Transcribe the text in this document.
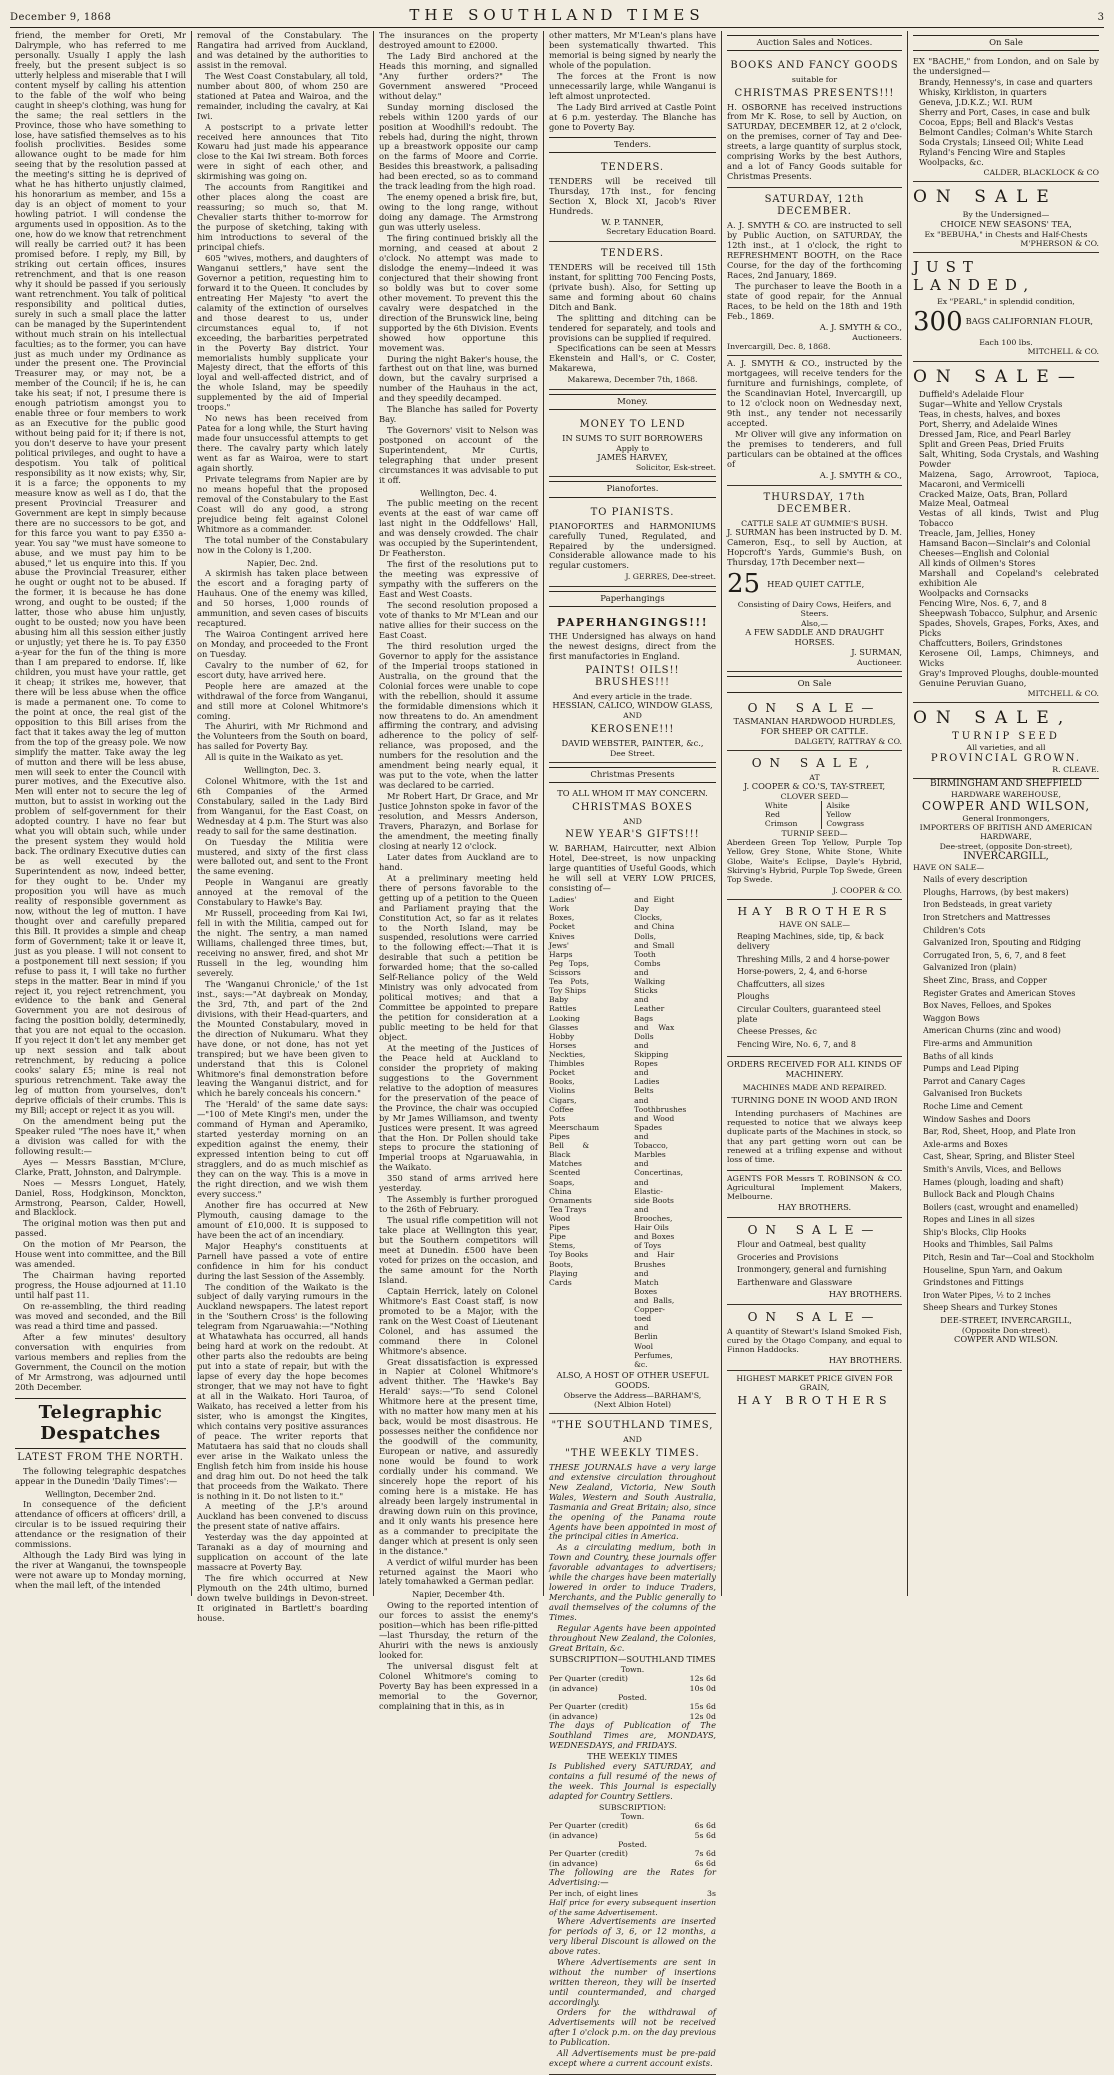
December 9, 1868	THE SOUTHLAND TIMES	3

friend, the member for Oreti, Mr Dalrymple, who has referred to me personally. Usually I apply the lash freely, but the present subject is so utterly helpless and miserable that I will content myself by calling his attention to the fable of the wolf who being caught in sheep's clothing, was hung for the same; the real settlers in the Province, those who have something to lose, have satisfied themselves as to his foolish proclivities. Besides some allowance ought to be made for him seeing that by the resolution passed at the meeting's sitting he is deprived of what he has hitherto unjustly claimed, his honorarium as member, and 15s a day is an object of moment to your howling patriot. I will condense the arguments used in opposition. As to the one, how do we know that retrenchment will really be carried out? it has been promised before. I reply, my Bill, by striking out certain offices, insures retrenchment, and that is one reason why it should be passed if you seriously want retrenchment. You talk of political responsibility and political duties, surely in such a small place the latter can be managed by the Superintendent without much strain on his intellectual faculties; as to the former, you can have just as much under my Ordinance as under the present one. The Provincial Treasurer may, or may not, be a member of the Council; if he is, he can take his seat; if not, I presume there is enough patriotism amongst you to enable three or four members to work as an Executive for the public good without being paid for it; if there is not, you don't deserve to have your present political privileges, and ought to have a despotism. You talk of political responsibility as it now exists; why, Sir, it is a farce; the opponents to my measure know as well as I do, that the present Provincial Treasurer and Government are kept in simply because there are no successors to be got, and for this farce you want to pay £350 a-year. You say "we must have someone to abuse, and we must pay him to be abused," let us enquire into this. If you abuse the Provincial Treasurer, either he ought or ought not to be abused. If the former, it is because he has done wrong, and ought to be ousted; if the latter, those who abuse him unjustly, ought to be ousted; now you have been abusing him all this session either justly or unjustly; yet there he is. To pay £350 a-year for the fun of the thing is more than I am prepared to endorse. If, like children, you must have your rattle, get it cheap; it strikes me, however, that there will be less abuse when the office is made a permanent one. To come to the point at once, the real gist of the opposition to this Bill arises from the fact that it takes away the leg of mutton from the top of the greasy pole. We now simplify the matter. Take away the leg of mutton and there will be less abuse, men will seek to enter the Council with purer motives, and the Executive also. Men will enter not to secure the leg of mutton, but to assist in working out the problem of self-government for their adopted country. I have no fear but what you will obtain such, while under the present system they would hold back. The ordinary Executive duties can be as well executed by the Superintendent as now, indeed better, for they ought to be. Under my proposition you will have as much reality of responsible government as now, without the leg of mutton. I have thought over and carefully prepared this Bill. It provides a simple and cheap form of Government; take it or leave it, just as you please. I will not consent to a postponement till next session; if you refuse to pass it, I will take no further steps in the matter. Bear in mind if you reject it, you reject retrenchment, you evidence to the bank and General Government you are not desirous of facing the position boldly, determinedly, that you are not equal to the occasion. If you reject it don't let any member get up next session and talk about retrenchment, by reducing a police cooks' salary £5; mine is real not spurious retrenchment. Take away the leg of mutton from yourselves, don't deprive officials of their crumbs. This is my Bill; accept or reject it as you will.

On the amendment being put the Speaker ruled "The noes have it," when a division was called for with the following result:—

Ayes — Messrs Basstian, M'Clure, Clarke, Pratt, Johnston, and Dalrymple.

Noes — Messrs Longuet, Hately, Daniel, Ross, Hodgkinson, Monckton, Armstrong, Pearson, Calder, Howell, and Blacklock.

The original motion was then put and passed.

On the motion of Mr Pearson, the House went into committee, and the Bill was amended.

The Chairman having reported progress, the House adjourned at 11.10 until half past 11.

On re-assembling, the third reading was moved and seconded, and the Bill was read a third time and passed.

After a few minutes' desultory conversation with enquiries from various members and replies from the Government, the Council on the motion of Mr Armstrong, was adjourned until 20th December.

Telegraphic Despatches
LATEST FROM THE NORTH.

The following telegraphic despatches appear in the Dunedin 'Daily Times':—

Wellington, December 2nd.

In consequence of the deficient attendance of officers at officers' drill, a circular is to be issued requiring their attendance or the resignation of their commissions.

Although the Lady Bird was lying in the river at Wanganui, the townspeople were not aware up to Monday morning, when the mail left, of the intended

removal of the Constabulary. The Rangatira had arrived from Auckland, and was detained by the authorities to assist in the removal.

The West Coast Constabulary, all told, number about 800, of whom 250 are stationed at Patea and Wairoa, and the remainder, including the cavalry, at Kai Iwi.

A postscript to a private letter received here announces that Tito Kowaru had just made his appearance close to the Kai Iwi stream. Both forces were in sight of each other, and skirmishing was going on.

The accounts from Rangitikei and other places along the coast are reassuring; so much so, that M. Chevalier starts thither to-morrow for the purpose of sketching, taking with him introductions to several of the principal chiefs.

605 "wives, mothers, and daughters of Wanganui settlers," have sent the Governor a petition, requesting him to forward it to the Queen. It concludes by entreating Her Majesty "to avert the calamity of the extinction of ourselves and those dearest to us, under circumstances equal to, if not exceeding, the barbarities perpetrated in the Poverty Bay district. Your memorialists humbly supplicate your Majesty direct, that the efforts of this loyal and well-affected district, and of the whole Island, may be speedily supplemented by the aid of Imperial troops."

No news has been received from Patea for a long while, the Sturt having made four unsuccessful attempts to get there. The cavalry party which lately went as far as Wairoa, were to start again shortly.

Private telegrams from Napier are by no means hopeful that the proposed removal of the Constabulary to the East Coast will do any good, a strong prejudice being felt against Colonel Whitmore as a commander.

The total number of the Constabulary now in the Colony is 1,200.

Napier, Dec. 2nd.

A skirmish has taken place between the escort and a foraging party of Hauhaus. One of the enemy was killed, and 50 horses, 1,000 rounds of ammunition, and seven cases of biscuits recaptured.

The Wairoa Contingent arrived here on Monday, and proceeded to the Front on Tuesday.

Cavalry to the number of 62, for escort duty, have arrived here.

People here are amazed at the withdrawal of the force from Wanganui, and still more at Colonel Whitmore's coming.

The Ahuriri, with Mr Richmond and the Volunteers from the South on board, has sailed for Poverty Bay.

All is quite in the Waikato as yet.

Wellington, Dec. 3.

Colonel Whitmore, with the 1st and 6th Companies of the Armed Constabulary, sailed in the Lady Bird from Wanganui, for the East Coast, on Wednesday at 4 p.m. The Sturt was also ready to sail for the same destination.

On Tuesday the Militia were mustered, and sixty of the first class were balloted out, and sent to the Front the same evening.

People in Wanganui are greatly annoyed at the removal of the Constabulary to Hawke's Bay.

Mr Russell, proceeding from Kai Iwi, fell in with the Militia, camped out for the night. The sentry, a man named Williams, challenged three times, but, receiving no answer, fired, and shot Mr Russell in the leg, wounding him severely.

The 'Wanganui Chronicle,' of the 1st inst., says:—"At daybreak on Monday, the 3rd, 7th, and part of the 2nd divisions, with their Head-quarters, and the Mounted Constabulary, moved in the direction of Nukumaru. What they have done, or not done, has not yet transpired; but we have been given to understand that this is Colonel Whitmore's final demonstration before leaving the Wanganui district, and for which he barely conceals his concern."

The 'Herald' of the same date says:—"100 of Mete Kingi's men, under the command of Hyman and Aperamiko, started yesterday morning on an expedition against the enemy, their expressed intention being to cut off stragglers, and do as much mischief as they can on the way. This is a move in the right direction, and we wish them every success."

Another fire has occurred at New Plymouth, causing damage to the amount of £10,000. It is supposed to have been the act of an incendiary.

Major Heaphy's constituents at Parnell have passed a vote of entire confidence in him for his conduct during the last Session of the Assembly.

The condition of the Waikato is the subject of daily varying rumours in the Auckland newspapers. The latest report in the 'Southern Cross' is the following telegram from Ngaruawahia:—"Nothing at Whatawhata has occurred, all hands being hard at work on the redoubt. At other parts also the redoubts are being put into a state of repair, but with the lapse of every day the hope becomes stronger, that we may not have to fight at all in the Waikato. Hori Tauroa, of Waikato, has received a letter from his sister, who is amongst the Kingites, which contains very positive assurances of peace. The writer reports that Matutaera has said that no clouds shall ever arise in the Waikato unless the English fetch him from inside his house and drag him out. Do not heed the talk that proceeds from the Waikato. There is nothing in it. Do not listen to it."

A meeting of the J.P.'s around Auckland has been convened to discuss the present state of native affairs.

Yesterday was the day appointed at Taranaki as a day of mourning and supplication on account of the late massacre at Poverty Bay.

The fire which occurred at New Plymouth on the 24th ultimo, burned down twelve buildings in Devon-street. It originated in Bartlett's boarding house.

The insurances on the property destroyed amount to £2000.

The Lady Bird anchored at the Heads this morning, and signalled "Any further orders?" The Government answered "Proceed without delay."

Sunday morning disclosed the rebels within 1200 yards of our position at Woodhill's redoubt. The rebels had, during the night, thrown up a breastwork opposite our camp on the farms of Moore and Corrie. Besides this breastwork, a palisading had been erected, so as to command the track leading from the high road.

The enemy opened a brisk fire, but, owing to the long range, without doing any damage. The Armstrong gun was utterly useless.

The firing continued briskly all the morning, and ceased at about 2 o'clock. No attempt was made to dislodge the enemy—indeed it was conjectured that their showing front so boldly was but to cover some other movement. To prevent this the cavalry were despatched in the direction of the Brunswick line, being supported by the 6th Division. Events showed how opportune this movement was.

During the night Baker's house, the farthest out on that line, was burned down, but the cavalry surprised a number of the Hauhaus in the act, and they speedily decamped.

The Blanche has sailed for Poverty Bay.

The Governors' visit to Nelson was postponed on account of the Superintendent, Mr Curtis, telegraphing that under present circumstances it was advisable to put it off.

Wellington, Dec. 4.

The public meeting on the recent events at the east of war came off last night in the Oddfellows' Hall, and was densely crowded. The chair was occupied by the Superintendent, Dr Featherston.

The first of the resolutions put to the meeting was expressive of sympathy with the sufferers on the East and West Coasts.

The second resolution proposed a vote of thanks to Mr M'Lean and our native allies for their success on the East Coast.

The third resolution urged the Governor to apply for the assistance of the Imperial troops stationed in Australia, on the ground that the Colonial forces were unable to cope with the rebellion, should it assume the formidable dimensions which it now threatens to do. An amendment affirming the contrary, and advising adherence to the policy of self-reliance, was proposed, and the numbers for the resolution and the amendment being nearly equal, it was put to the vote, when the latter was declared to be carried.

Mr Robert Hart, Dr Grace, and Mr Justice Johnston spoke in favor of the resolution, and Messrs Anderson, Travers, Pharazyn, and Borlase for the amendment, the meeting finally closing at nearly 12 o'clock.

Later dates from Auckland are to hand.

At a preliminary meeting held there of persons favorable to the getting up of a petition to the Queen and Parliament praying that the Constitution Act, so far as it relates to the North Island, may be suspended, resolutions were carried to the following effect:—That it is desirable that such a petition be forwarded home; that the so-called Self-Reliance policy of the Weld Ministry was only advocated from political motives; and that a Committee be appointed to prepare the petition for consideration at a public meeting to be held for that object.

At the meeting of the Justices of the Peace held at Auckland to consider the propriety of making suggestions to the Government relative to the adoption of measures for the preservation of the peace of the Province, the chair was occupied by Mr James Williamson, and twenty Justices were present. It was agreed that the Hon. Dr Pollen should take steps to procure the stationing of Imperial troops at Ngaruawahia, in the Waikato.

350 stand of arms arrived here yesterday.

The Assembly is further prorogued to the 26th of February.

The usual rifle competition will not take place at Wellington this year, but the Southern competitors will meet at Dunedin. £500 have been voted for prizes on the occasion, and the same amount for the North Island.

Captain Herrick, lately on Colonel Whitmore's East Coast staff, is now promoted to be a Major, with the rank on the West Coast of Lieutenant Colonel, and has assumed the command there in Colonel Whitmore's absence.

Great dissatisfaction is expressed in Napier at Colonel Whitmore's advent thither. The 'Hawke's Bay Herald' says:—"To send Colonel Whitmore here at the present time, with no matter how many men at his back, would be most disastrous. He possesses neither the confidence nor the goodwill of the community, European or native, and assuredly none would be found to work cordially under his command. We sincerely hope the report of his coming here is a mistake. He has already been largely instrumental in drawing down ruin on this province, and it only wants his presence here as a commander to precipitate the danger which at present is only seen in the distance."

A verdict of wilful murder has been returned against the Maori who lately tomahawked a German pedlar.

Napier, December 4th.

Owing to the reported intention of our forces to assist the enemy's position—which has been rifle-pitted—last Thursday, the return of the Ahuriri with the news is anxiously looked for.

The universal disgust felt at Colonel Whitmore's coming to Poverty Bay has been expressed in a memorial to the Governor, complaining that in this, as in

other matters, Mr M'Lean's plans have been systematically thwarted. This memorial is being signed by nearly the whole of the population.

The forces at the Front is now unnecessarily large, while Wanganui is left almost unprotected.

The Lady Bird arrived at Castle Point at 6 p.m. yesterday. The Blanche has gone to Poverty Bay.

Tenders.
TENDERS.

TENDERS will be received till Thursday, 17th inst., for fencing Section X, Block XI, Jacob's River Hundreds.

W. P. TANNER,
Secretary Education Board.
TENDERS.

TENDERS will be received till 15th instant, for splitting 700 Fencing Posts, (private bush). Also, for Setting up same and forming about 60 chains Ditch and Bank.

The splitting and ditching can be tendered for separately, and tools and provisions can be supplied if required.

Specifications can be seen at Messrs Ekenstein and Hall's, or C. Coster, Makarewa,

Makarewa, December 7th, 1868.
Money.
MONEY TO LEND
IN SUMS TO SUIT BORROWERS
Apply to
JAMES HARVEY,
Solicitor, Esk-street.
Pianofortes.
TO PIANISTS.

PIANOFORTES and HARMONIUMS carefully Tuned, Regulated, and Repaired by the undersigned. Considerable allowance made to his regular customers.

J. GERRES, Dee-street.
Paperhangings
PAPERHANGINGS!!!

THE Undersigned has always on hand the newest designs, direct from the first manufactories in England.

PAINTS! OILS!! BRUSHES!!!
And every article in the trade.
HESSIAN, CALICO, WINDOW GLASS,
AND
KEROSENE!!!
DAVID WEBSTER, PAINTER, &c.,
Dee Street.
Christmas Presents
TO ALL WHOM IT MAY CONCERN.
CHRISTMAS BOXES
AND
NEW YEAR'S GIFTS!!!

W. BARHAM, Haircutter, next Albion Hotel, Dee-street, is now unpacking large quantities of Useful Goods, which he will sell at VERY LOW PRICES, consisting of—

Ladies' Work Boxes,
Pocket Knives
Jews' Harps
Peg Tops, Scissors
Tea Pots, Toy Ships
Baby Rattles
Looking Glasses
Hobby Horses
Neckties, Thimbles
Pocket Books, Violins
Cigars, Coffee Pots
Meerschaum Pipes
Bell & Black Matches
Scented Soaps,
China Ornaments
Tea Trays
Wood Pipes
Pipe Stems, Toy Books
Boots, Playing Cards
and Eight Day Clocks,
and China Dolls,
and Small Tooth Combs
and Walking Sticks
and Leather Bags
and Wax Dolls
and Skipping Ropes
and Ladies Belts
and Toothbrushes
and Wood Spades
and Tobacco, Marbles
and Concertinas,
and Elastic-side Boots
and Brooches, Hair Oils
and Boxes of Toys
and Hair Brushes
and Match Boxes
and Balls, Copper-toed
and Berlin Wool
Perfumes, &c.
ALSO, A HOST OF OTHER USEFUL GOODS.
Observe the Address—BARHAM'S,
(Next Albion Hotel)
"THE SOUTHLAND TIMES,
AND
"THE WEEKLY TIMES.

THESE JOURNALS have a very large and extensive circulation throughout New Zealand, Victoria, New South Wales, Western and South Australia, Tasmania and Great Britain; also, since the opening of the Panama route Agents have been appointed in most of the principal cities in America.

As a circulating medium, both in Town and Country, these journals offer favorable advantages to advertisers; while the charges have been materially lowered in order to induce Traders, Merchants, and the Public generally to avail themselves of the columns of the Times.

Regular Agents have been appointed throughout New Zealand, the Colonies, Great Britain, &c.

SUBSCRIPTION—SOUTHLAND TIMES
Town.
Per Quarter (credit)	12s 6d
(in advance)	10s 0d
Posted.
Per Quarter (credit)	15s 6d
(in advance)	12s 0d

The days of Publication of The Southland Times are, MONDAYS, WEDNESDAYS, and FRIDAYS.

THE WEEKLY TIMES

Is Published every SATURDAY, and contains a full resumé of the news of the week. This Journal is especially adapted for Country Settlers.

SUBSCRIPTION:
Town.
Per Quarter (credit)	6s 6d
(in advance)	5s 6d
Posted.
Per Quarter (credit)	7s 6d
(in advance)	6s 6d

The following are the Rates for Advertising:—

Per inch, of eight lines	3s
Half price for every subsequent insertion of the same Advertisement.

Where Advertisements are inserted for periods of 3, 6, or 12 months, a very liberal Discount is allowed on the above rates.

Where Advertisements are sent in without the number of insertions written thereon, they will be inserted until countermanded, and charged accordingly.

Orders for the withdrawal of Advertisements will not be received after 1 o'clock p.m. on the day previous to Publication.

All Advertisements must be pre-paid except where a current account exists.

Auction Sales and Notices.
BOOKS AND FANCY GOODS
suitable for
CHRISTMAS PRESENTS!!!

H. OSBORNE has received instructions from Mr K. Rose, to sell by Auction, on SATURDAY, DECEMBER 12, at 2 o'clock, on the premises, corner of Tay and Dee-streets, a large quantity of surplus stock, comprising Works by the best Authors, and a lot of Fancy Goods suitable for Christmas Presents.

SATURDAY, 12th DECEMBER.

A. J. SMYTH & CO. are instructed to sell by Public Auction, on SATURDAY, the 12th inst., at 1 o'clock, the right to REFRESHMENT BOOTH, on the Race Course, for the day of the forthcoming Races, 2nd January, 1869.

The purchaser to leave the Booth in a state of good repair, for the Annual Races, to be held on the 18th and 19th Feb., 1869.

A. J. SMYTH & CO.,
Auctioneers.
Invercargill, Dec. 8, 1868.

A. J. SMYTH & CO., instructed by the mortgagees, will receive tenders for the furniture and furnishings, complete, of the Scandinavian Hotel, Invercargill, up to 12 o'clock noon on Wednesday next, 9th inst., any tender not necessarily accepted.

Mr Oliver will give any information on the premises to tenderers, and full particulars can be obtained at the offices of

A. J. SMYTH & CO.,
THURSDAY, 17th DECEMBER.
CATTLE SALE AT GUMMIE'S BUSH.

J. SURMAN has been instructed by D. M. Cameron, Esq., to sell by Auction, at Hopcroft's Yards, Gummie's Bush, on Thursday, 17th December next—

25 HEAD QUIET CATTLE,
Consisting of Dairy Cows, Heifers, and Steers.
Also,—
A FEW SADDLE AND DRAUGHT HORSES.
J. SURMAN,
Auctioneer.
On Sale
ON SALE—
TASMANIAN HARDWOOD HURDLES,
FOR SHEEP OR CATTLE.
DALGETY, RATTRAY & CO.
ON SALE,
AT
J. COOPER & CO.'S, TAY-STREET,
CLOVER SEED—
White
Red
Crimson
Alsike
Yellow
Cowgrass
TURNIP SEED—

Aberdeen Green Top Yellow, Purple Top Yellow, Grey Stone, White Stone, White Globe, Waite's Eclipse, Dayle's Hybrid, Skirving's Hybrid, Purple Top Swede, Green Top Swede.

J. COOPER & CO.
HAY BROTHERS
HAVE ON SALE—

Reaping Machines, side, tip, & back delivery

Threshing Mills, 2 and 4 horse-power

Horse-powers, 2, 4, and 6-horse

Chaffcutters, all sizes

Ploughs

Circular Coulters, guaranteed steel plate

Cheese Presses, &c

Fencing Wire, No. 6, 7, and 8

ORDERS RECEIVED FOR ALL KINDS OF MACHINERY.
MACHINES MADE AND REPAIRED.
TURNING DONE IN WOOD AND IRON

Intending purchasers of Machines are requested to notice that we always keep duplicate parts of the Machines in stock, so that any part getting worn out can be renewed at a trifling expense and without loss of time.

AGENTS FOR Messrs T. ROBINSON & CO. Agricultural Implement Makers, Melbourne.

HAY BROTHERS.
ON SALE—

Flour and Oatmeal, best quality

Groceries and Provisions

Ironmongery, general and furnishing

Earthenware and Glassware

HAY BROTHERS.
ON SALE—

A quantity of Stewart's Island Smoked Fish, cured by the Otago Company, and equal to Finnon Haddocks.

HAY BROTHERS.
HIGHEST MARKET PRICE GIVEN FOR GRAIN,
HAY BROTHERS
On Sale

EX "BACHE," from London, and on Sale by the undersigned—

Brandy, Hennessy's, in case and quarters

Whisky, Kirkliston, in quarters

Geneva, J.D.K.Z.; W.I. RUM

Sherry and Port, Cases, in case and bulk

Cocoa, Epps; Bell and Black's Vestas

Belmont Candles; Colman's White Starch

Soda Crystals; Linseed Oil; White Lead

Ryland's Fencing Wire and Staples

Woolpacks, &c.

CALDER, BLACKLOCK & CO
ON SALE
By the Undersigned—
CHOICE NEW SEASONS' TEA,
Ex "BEBUHA," in Chests and Half-Chests
M'PHERSON & CO.
JUST LANDED,
Ex "PEARL," in splendid condition,
300 BAGS CALIFORNIAN FLOUR,
Each 100 lbs.
MITCHELL & CO.
ON SALE—

Duffield's Adelaide Flour

Sugar—White and Yellow Crystals

Teas, in chests, halves, and boxes

Port, Sherry, and Adelaide Wines

Dressed Jam, Rice, and Pearl Barley

Split and Green Peas, Dried Fruits

Salt, Whiting, Soda Crystals, and Washing Powder

Maizena, Sago, Arrowroot, Tapioca, Macaroni, and Vermicelli

Cracked Maize, Oats, Bran, Pollard

Maize Meal, Oatmeal

Vestas of all kinds, Twist and Plug Tobacco

Treacle, Jam, Jellies, Honey

Hamsand Bacon—Sinclair's and Colonial

Cheeses—English and Colonial

All kinds of Oilmen's Stores

Marshall and Copeland's celebrated exhibition Ale

Woolpacks and Cornsacks

Fencing Wire, Nos. 6, 7, and 8

Sheepwash Tobacco, Sulphur, and Arsenic

Spades, Shovels, Grapes, Forks, Axes, and Picks

Chaffcutters, Boilers, Grindstones

Kerosene Oil, Lamps, Chimneys, and Wicks

Gray's Improved Ploughs, double-mounted

Genuine Peruvian Guano,

MITCHELL & CO.
ON SALE,
TURNIP SEED
All varieties, and all
PROVINCIAL GROWN.
R. CLEAVE.
BIRMINGHAM AND SHEFFIELD
HARDWARE WAREHOUSE,
COWPER AND WILSON,
General Ironmongers,
IMPORTERS OF BRITISH AND AMERICAN
HARDWARE,
Dee-street, (opposite Don-street),
INVERCARGILL,
HAVE ON SALE—

Nails of every description

Ploughs, Harrows, (by best makers)

Iron Bedsteads, in great variety

Iron Stretchers and Mattresses

Children's Cots

Galvanized Iron, Spouting and Ridging

Corrugated Iron, 5, 6, 7, and 8 feet

Galvanized Iron (plain)

Sheet Zinc, Brass, and Copper

Register Grates and American Stoves

Box Naves, Felloes, and Spokes

Waggon Bows

American Churns (zinc and wood)

Fire-arms and Ammunition

Baths of all kinds

Pumps and Lead Piping

Parrot and Canary Cages

Galvanised Iron Buckets

Roche Lime and Cement

Window Sashes and Doors

Bar, Rod, Sheet, Hoop, and Plate Iron

Axle-arms and Boxes

Cast, Shear, Spring, and Blister Steel

Smith's Anvils, Vices, and Bellows

Hames (plough, loading and shaft)

Bullock Back and Plough Chains

Boilers (cast, wrought and enamelled)

Ropes and Lines in all sizes

Ship's Blocks, Clip Hooks

Hooks and Thimbles, Sail Palms

Pitch, Resin and Tar—Coal and Stockholm

Houseline, Spun Yarn, and Oakum

Grindstones and Fittings

Iron Water Pipes, ½ to 2 inches

Sheep Shears and Turkey Stones

DEE-STREET, INVERCARGILL,
(Opposite Don-street).
COWPER AND WILSON.
